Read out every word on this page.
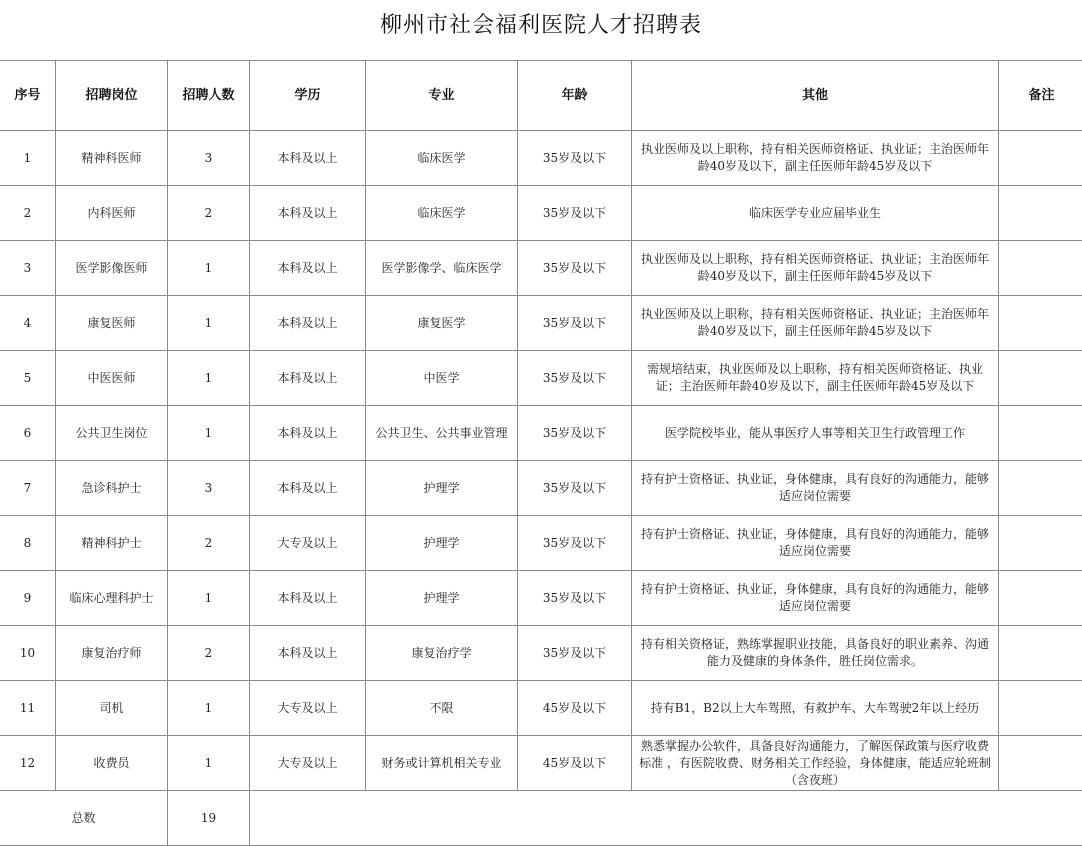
柳州市社会福利医院人才招聘表
序号	招聘岗位	招聘人数	学历	专业	年龄	其他	备注
1	精神科医师	3	本科及以上	临床医学	35岁及以下	执业医师及以上职称，持有相关医师资格证、执业证；主治医师年龄40岁及以下，副主任医师年龄45岁及以下	
2	内科医师	2	本科及以上	临床医学	35岁及以下	临床医学专业应届毕业生	
3	医学影像医师	1	本科及以上	医学影像学、临床医学	35岁及以下	执业医师及以上职称，持有相关医师资格证、执业证；主治医师年龄40岁及以下，副主任医师年龄45岁及以下	
4	康复医师	1	本科及以上	康复医学	35岁及以下	执业医师及以上职称，持有相关医师资格证、执业证；主治医师年龄40岁及以下，副主任医师年龄45岁及以下	
5	中医医师	1	本科及以上	中医学	35岁及以下	需规培结束，执业医师及以上职称，持有相关医师资格证、执业证；主治医师年龄40岁及以下，副主任医师年龄45岁及以下	
6	公共卫生岗位	1	本科及以上	公共卫生、公共事业管理	35岁及以下	医学院校毕业，能从事医疗人事等相关卫生行政管理工作	
7	急诊科护士	3	本科及以上	护理学	35岁及以下	持有护士资格证、执业证，身体健康，具有良好的沟通能力，能够适应岗位需要	
8	精神科护士	2	大专及以上	护理学	35岁及以下	持有护士资格证、执业证，身体健康，具有良好的沟通能力，能够适应岗位需要	
9	临床心理科护士	1	本科及以上	护理学	35岁及以下	持有护士资格证、执业证，身体健康，具有良好的沟通能力，能够适应岗位需要	
10	康复治疗师	2	本科及以上	康复治疗学	35岁及以下	持有相关资格证，熟练掌握职业技能，具备良好的职业素养、沟通能力及健康的身体条件，胜任岗位需求。	
11	司机	1	大专及以上	不限	45岁及以下	持有B1，B2以上大车驾照，有救护车、大车驾驶2年以上经历	
12	收费员	1	大专及以上	财务或计算机相关专业	45岁及以下	熟悉掌握办公软件，具备良好沟通能力，了解医保政策与医疗收费标准 ，有医院收费、财务相关工作经验，身体健康，能适应轮班制（含夜班）	
总数		19					
